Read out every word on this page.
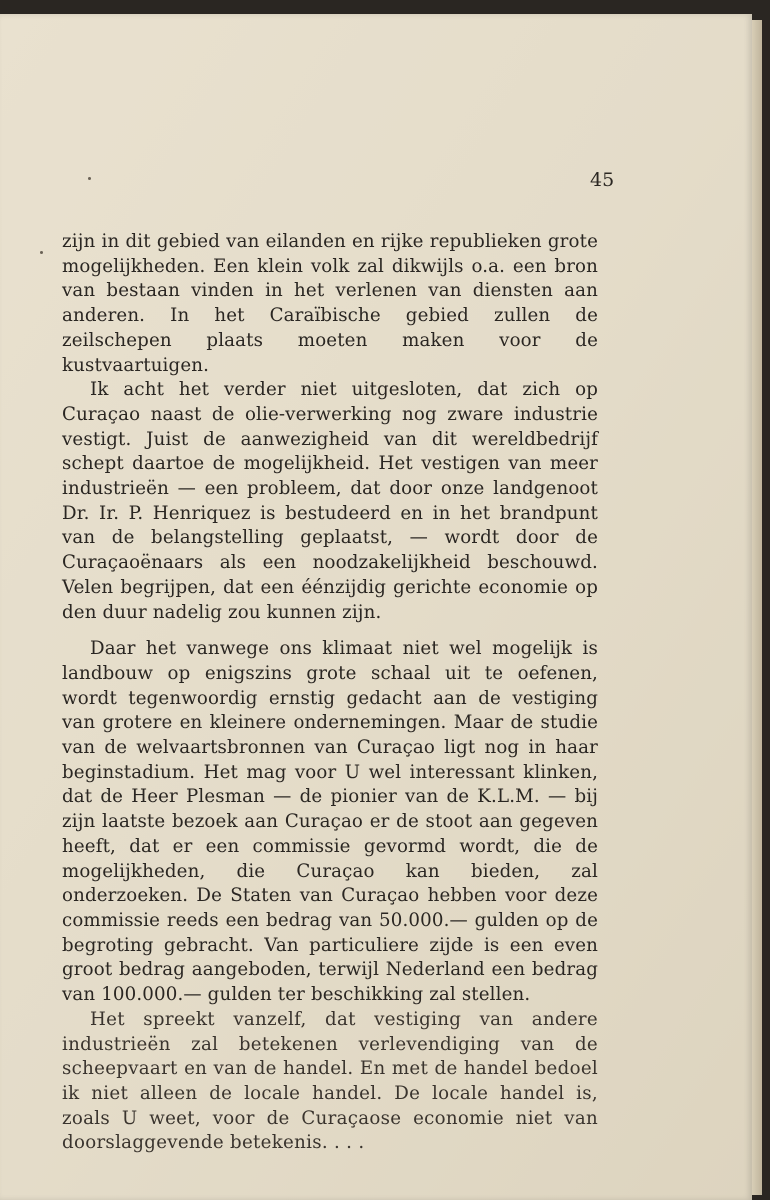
45

zijn in dit gebied van eilanden en rijke republieken grote mogelijkheden. Een klein volk zal dikwijls o.a. een bron van bestaan vinden in het verlenen van diensten aan anderen. In het Caraïbische gebied zullen de zeilschepen plaats moeten maken voor de kustvaartuigen.

Ik acht het verder niet uitgesloten, dat zich op Curaçao naast de olie-verwerking nog zware industrie vestigt. Juist de aanwezigheid van dit wereldbedrijf schept daartoe de mogelijkheid. Het vestigen van meer industrieën — een probleem, dat door onze landgenoot Dr. Ir. P. Henriquez is bestudeerd en in het brandpunt van de belangstelling geplaatst, — wordt door de Curaçaoënaars als een noodzakelijkheid beschouwd. Velen begrijpen, dat een éénzijdig gerichte economie op den duur nadelig zou kunnen zijn.

Daar het vanwege ons klimaat niet wel mogelijk is landbouw op enigszins grote schaal uit te oefenen, wordt tegenwoordig ernstig gedacht aan de vestiging van grotere en kleinere ondernemingen. Maar de studie van de welvaartsbronnen van Curaçao ligt nog in haar beginstadium. Het mag voor U wel interessant klinken, dat de Heer Plesman — de pionier van de K.L.M. — bij zijn laatste bezoek aan Curaçao er de stoot aan gegeven heeft, dat er een commissie gevormd wordt, die de mogelijkheden, die Curaçao kan bieden, zal onderzoeken. De Staten van Curaçao hebben voor deze commissie reeds een bedrag van 50.000.— gulden op de begroting gebracht. Van particuliere zijde is een even groot bedrag aangeboden, terwijl Nederland een bedrag van 100.000.— gulden ter beschikking zal stellen.

Het spreekt vanzelf, dat vestiging van andere industrieën zal betekenen verlevendiging van de scheepvaart en van de handel. En met de handel bedoel ik niet alleen de locale handel. De locale handel is, zoals U weet, voor de Curaçaose economie niet van doorslaggevende betekenis. . . .
